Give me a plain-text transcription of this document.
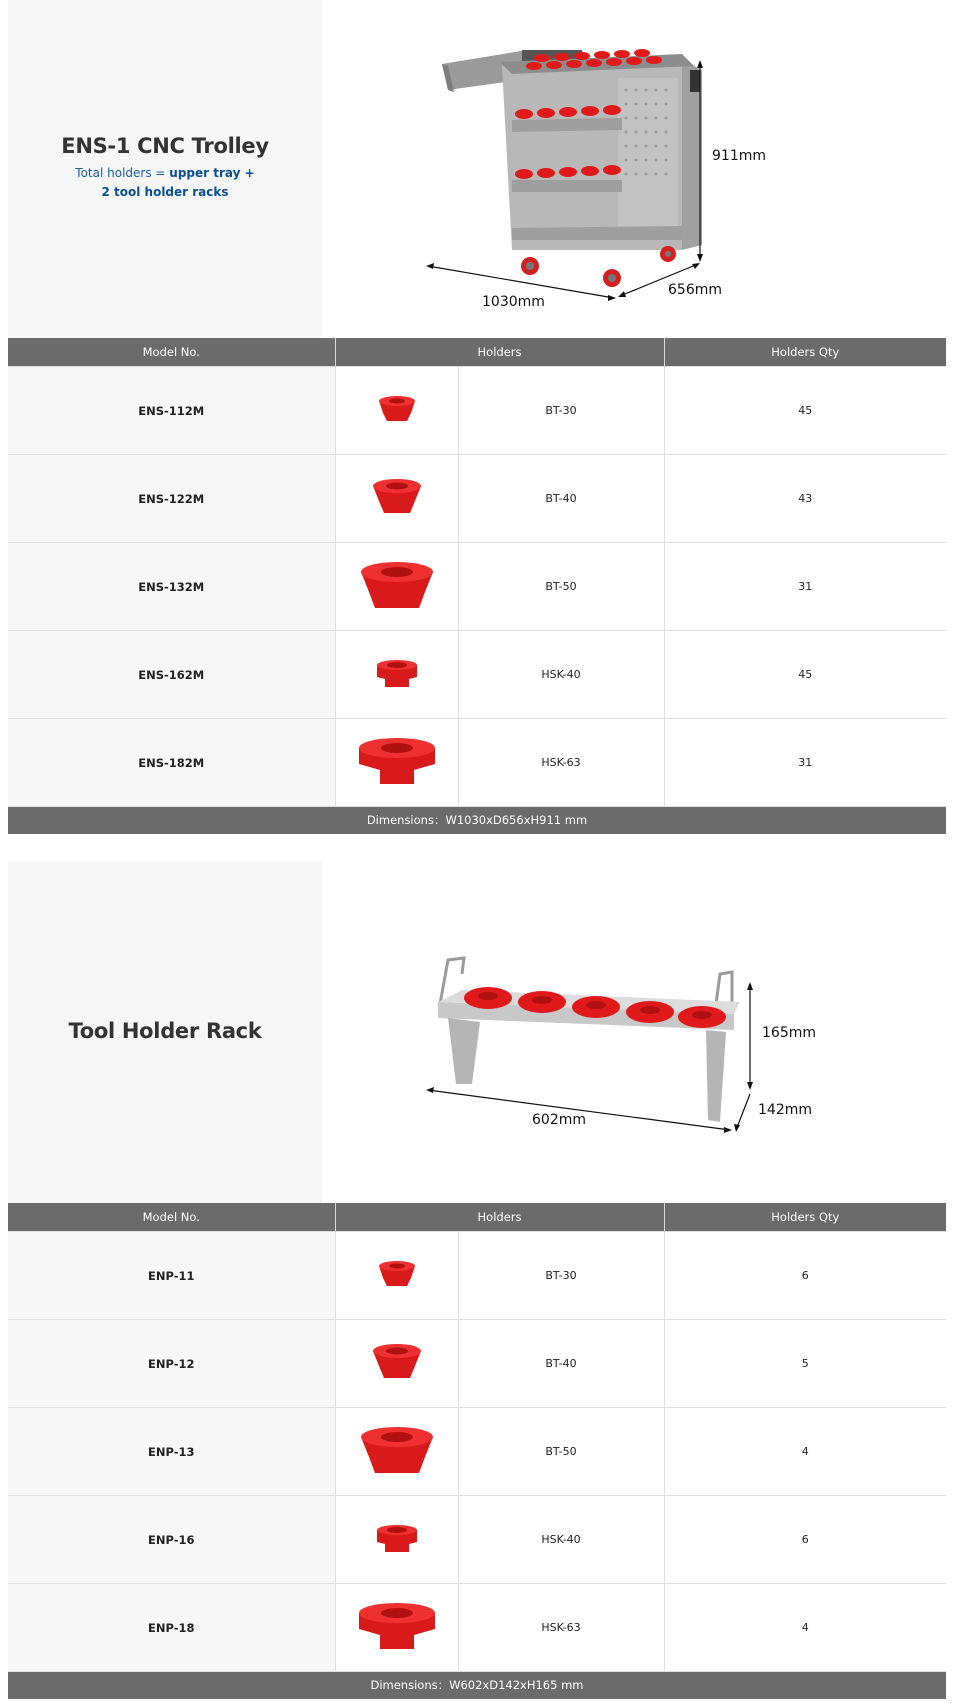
ENS-1 CNC Trolley
Total holders = upper tray +
2 tool holder racks
911mm
1030mm
656mm
Model No.	Holders		Holders Qty
ENS-112M		BT-30	45
ENS-122M		BT-40	43
ENS-132M		BT-50	31
ENS-162M		HSK-40	45
ENS-182M		HSK-63	31
Dimensions：W1030xD656xH911 mm
Tool Holder Rack	165mm
602mm
142mm
Model No.	Holders		Holders Qty
ENP-11		BT-30	6
ENP-12		BT-40	5
ENP-13		BT-50	4
ENP-16		HSK-40	6
ENP-18		HSK-63	4
Dimensions：W602xD142xH165 mm
